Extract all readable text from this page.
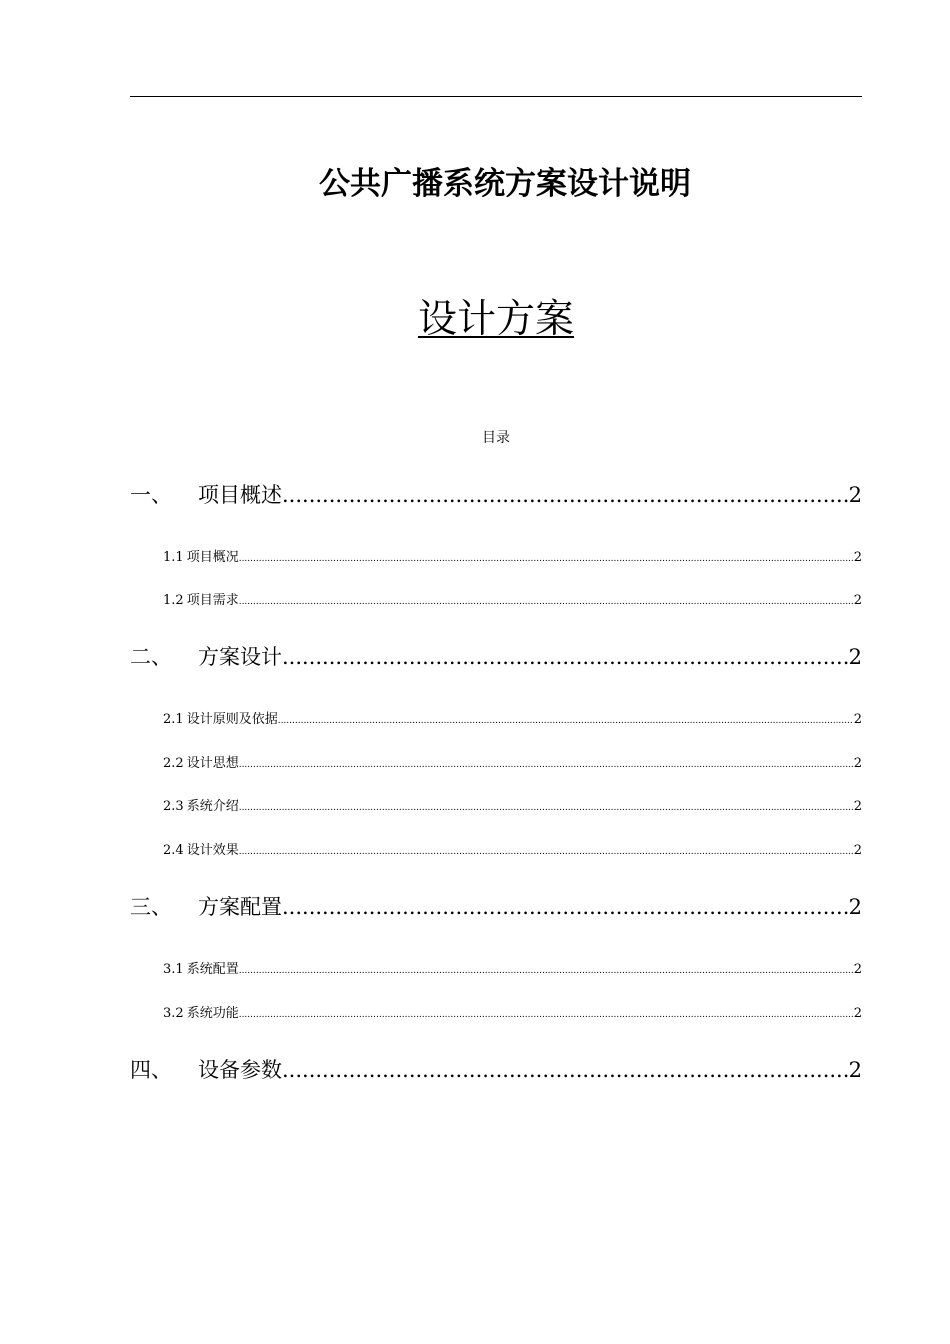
公共广播系统方案设计说明
设计方案
目录
一、	项目概述 .....	2
1.1 项目概况 .....	2
1.2 项目需求 .....	2
二、	方案设计 .....	2
2.1 设计原则及依据 .....	2
2.2 设计思想 .....	2
2.3 系统介绍 .....	2
2.4 设计效果 .....	2
三、	方案配置 .....	2
3.1 系统配置 .....	2
3.2 系统功能 .....	2
四、	设备参数 .....	2
